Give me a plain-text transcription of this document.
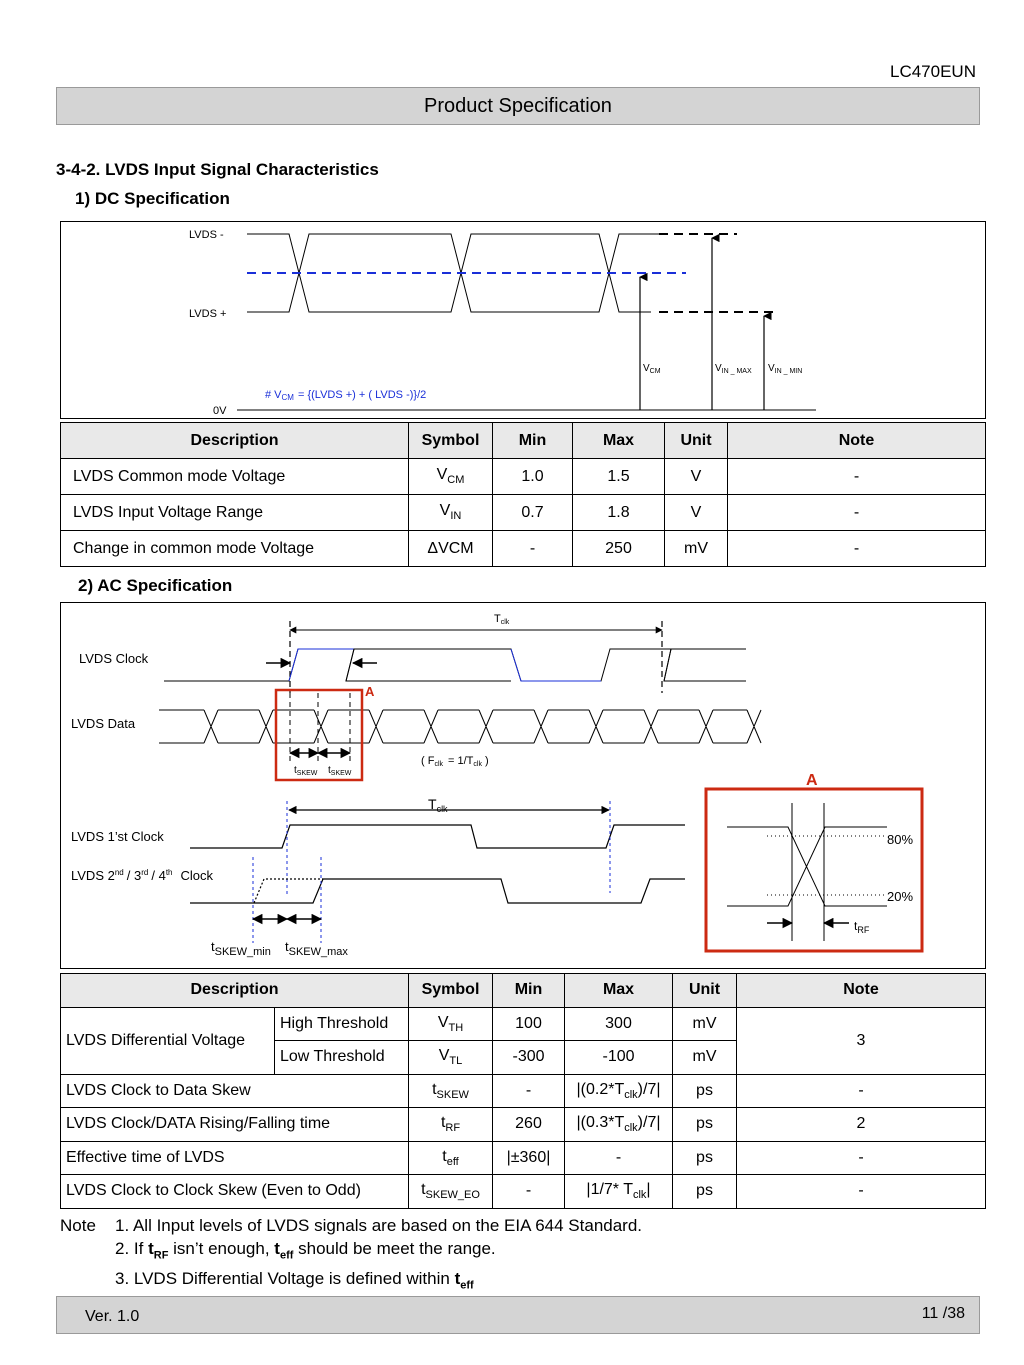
LC470EUN
Product Specification
3-4-2. LVDS Input Signal Characteristics
1) DC Specification
LVDS -
LVDS +
0V
$V_{CM}$	$V_{IN \_ MAX}$ $V_{IN \_ MIN}$
# VCM = {(LVDS +) + ( LVDS -)}/2
Description	Symbol	Min	Max	Unit	Note
LVDS Common mode Voltage	$V_{CM}$	1.0	1.5	V	-
LVDS Input Voltage Range	$V_{IN}$	0.7	1.8	V	-
Change in common mode Voltage	ΔVCM	-	250	mV	-
2) AC Specification
Tclk
LVDS Clock
LVDS Data
A
$t_{SKEW}$ $t_{SKEW}$
( Fclk = 1/Tclk )
$T_{clk}$
LVDS 1’st Clock
LVDS 2nd / 3rd / 4th Clock
$t_{SKEW\_min}$ $t_{SKEW\_max}$
A
80%
20%
$t_{RF}$
Description		Symbol	Min	Max	Unit	Note
LVDS Differential Voltage	High Threshold	$V_{TH}$	100	300	mV	3
	Low Threshold	$V_{TL}$	-300	-100	mV	
LVDS Clock to Data Skew		$t_{SKEW}$	-	$|(0.2*T_{clk})/7|$	ps	-
LVDS Clock/DATA Rising/Falling time		$t_{RF}$	260	$|(0.3*T_{clk})/7|$	ps	2
Effective time of LVDS		$t_{eff}$	|±360|	-	ps	-
LVDS Clock to Clock Skew (Even to Odd)		$t_{SKEW\_EO}$	-	|1/7* $T_{clk}|$	ps	-
Note 1. All Input levels of LVDS signals are based on the EIA 644 Standard.
2. If $t_{RF}$ isn’t enough, $t_{eff}$ should be meet the range.
3. LVDS Differential Voltage is defined within $t_{eff}$
Ver. 1.0	11 /38
